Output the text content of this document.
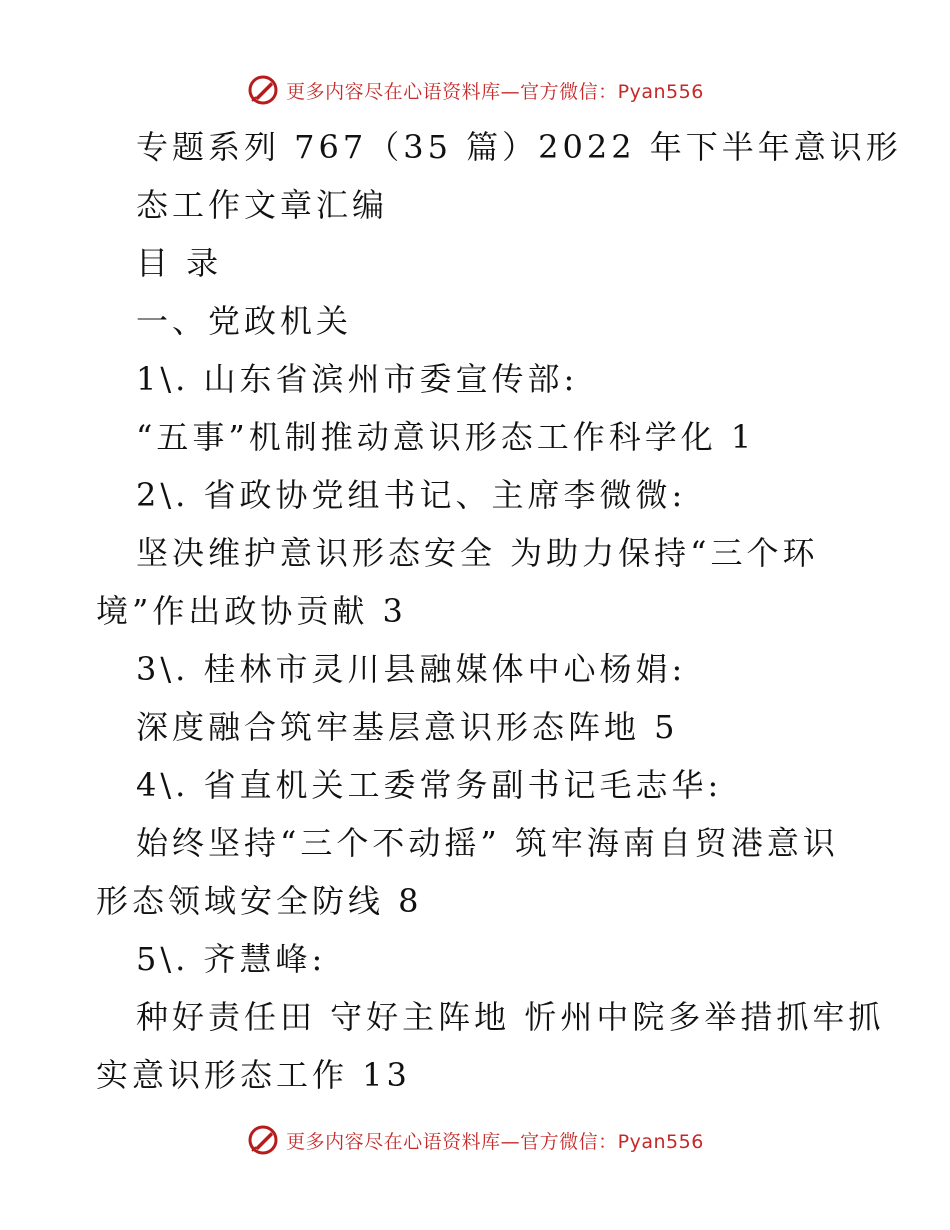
更多内容尽在心语资料库—官方微信：Pyan556
专题系列 767（35 篇）2022 年下半年意识形
态工作文章汇编
目 录
一、党政机关
1\. 山东省滨州市委宣传部:
“五事”机制推动意识形态工作科学化 1
2\. 省政协党组书记、主席李微微:
坚决维护意识形态安全 为助力保持“三个环
境”作出政协贡献 3
3\. 桂林市灵川县融媒体中心杨娟:
深度融合筑牢基层意识形态阵地 5
4\. 省直机关工委常务副书记毛志华:
始终坚持“三个不动摇” 筑牢海南自贸港意识
形态领域安全防线 8
5\. 齐慧峰:
种好责任田 守好主阵地 忻州中院多举措抓牢抓
实意识形态工作 13
更多内容尽在心语资料库—官方微信：Pyan556
